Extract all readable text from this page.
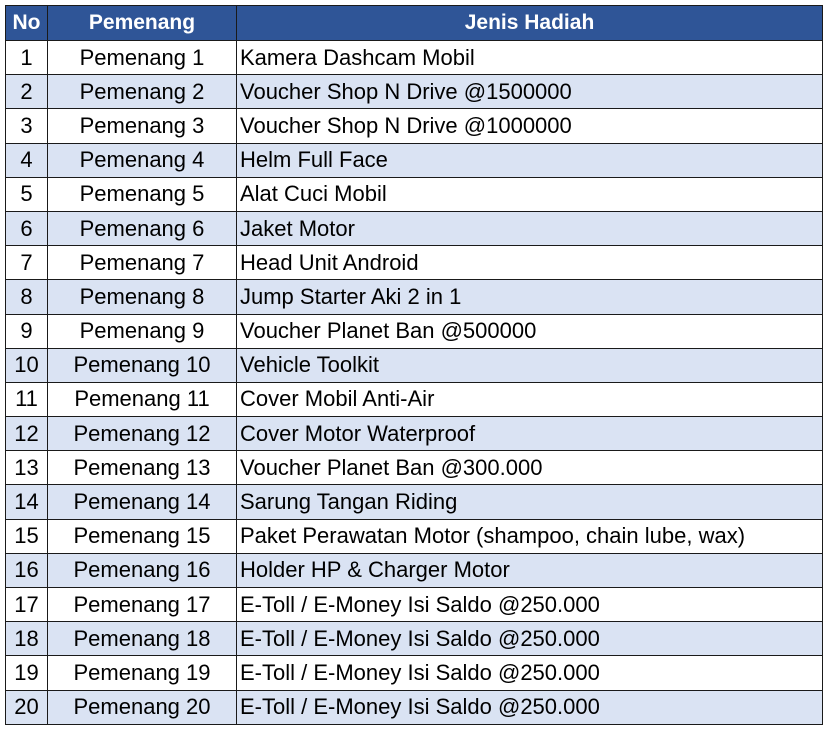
No	Pemenang	Jenis Hadiah
1	Pemenang 1	Kamera Dashcam Mobil
2	Pemenang 2	Voucher Shop N Drive @1500000
3	Pemenang 3	Voucher Shop N Drive @1000000
4	Pemenang 4	Helm Full Face
5	Pemenang 5	Alat Cuci Mobil
6	Pemenang 6	Jaket Motor
7	Pemenang 7	Head Unit Android
8	Pemenang 8	Jump Starter Aki 2 in 1
9	Pemenang 9	Voucher Planet Ban @500000
10	Pemenang 10	Vehicle Toolkit
11	Pemenang 11	Cover Mobil Anti-Air
12	Pemenang 12	Cover Motor Waterproof
13	Pemenang 13	Voucher Planet Ban @300.000
14	Pemenang 14	Sarung Tangan Riding
15	Pemenang 15	Paket Perawatan Motor (shampoo, chain lube, wax)
16	Pemenang 16	Holder HP & Charger Motor
17	Pemenang 17	E-Toll / E-Money Isi Saldo @250.000
18	Pemenang 18	E-Toll / E-Money Isi Saldo @250.000
19	Pemenang 19	E-Toll / E-Money Isi Saldo @250.000
20	Pemenang 20	E-Toll / E-Money Isi Saldo @250.000
